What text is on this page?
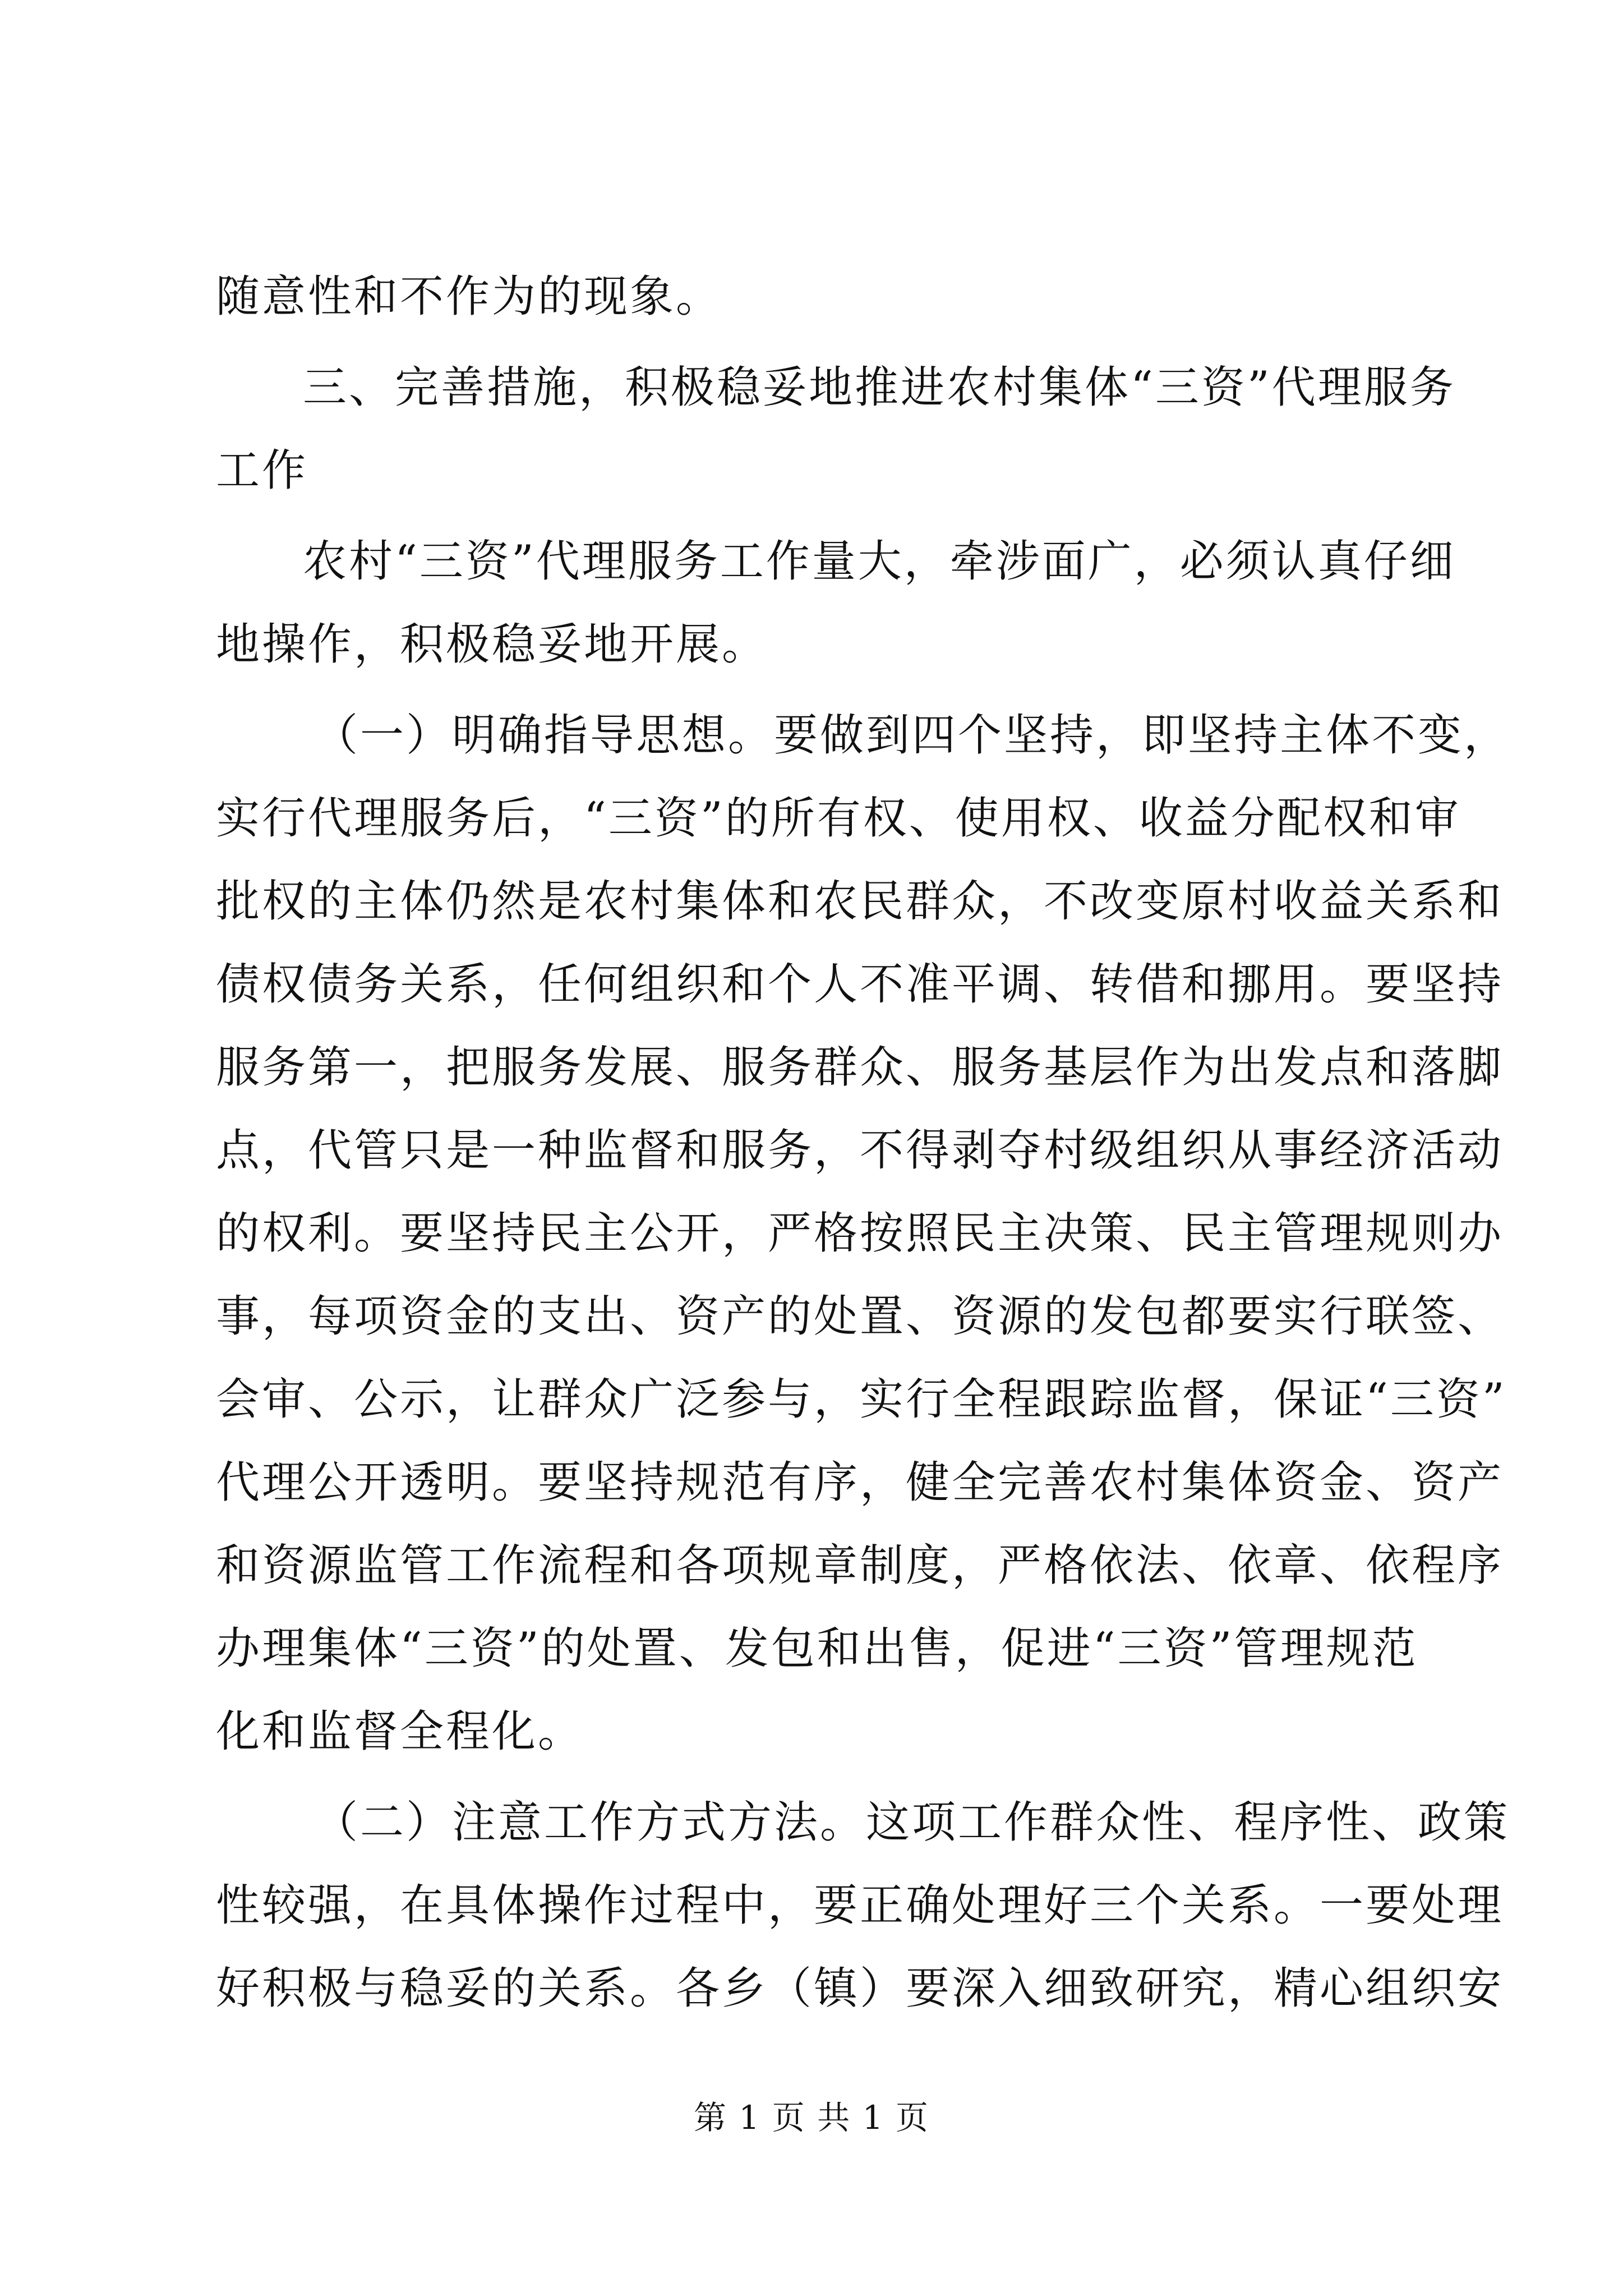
随意性和不作为的现象。
三、完善措施，积极稳妥地推进农村集体“三资”代理服务
工作
农村“三资”代理服务工作量大，牵涉面广，必须认真仔细
地操作，积极稳妥地开展。
（一）明确指导思想。要做到四个坚持，即坚持主体不变，
实行代理服务后，“三资”的所有权、使用权、收益分配权和审
批权的主体仍然是农村集体和农民群众，不改变原村收益关系和
债权债务关系，任何组织和个人不准平调、转借和挪用。要坚持
服务第一，把服务发展、服务群众、服务基层作为出发点和落脚
点，代管只是一种监督和服务，不得剥夺村级组织从事经济活动
的权利。要坚持民主公开，严格按照民主决策、民主管理规则办
事，每项资金的支出、资产的处置、资源的发包都要实行联签、
会审、公示，让群众广泛参与，实行全程跟踪监督，保证“三资”
代理公开透明。要坚持规范有序，健全完善农村集体资金、资产
和资源监管工作流程和各项规章制度，严格依法、依章、依程序
办理集体“三资”的处置、发包和出售，促进“三资”管理规范
化和监督全程化。
（二）注意工作方式方法。这项工作群众性、程序性、政策
性较强，在具体操作过程中，要正确处理好三个关系。一要处理
好积极与稳妥的关系。各乡（镇）要深入细致研究，精心组织安
第 1 页 共 1 页
